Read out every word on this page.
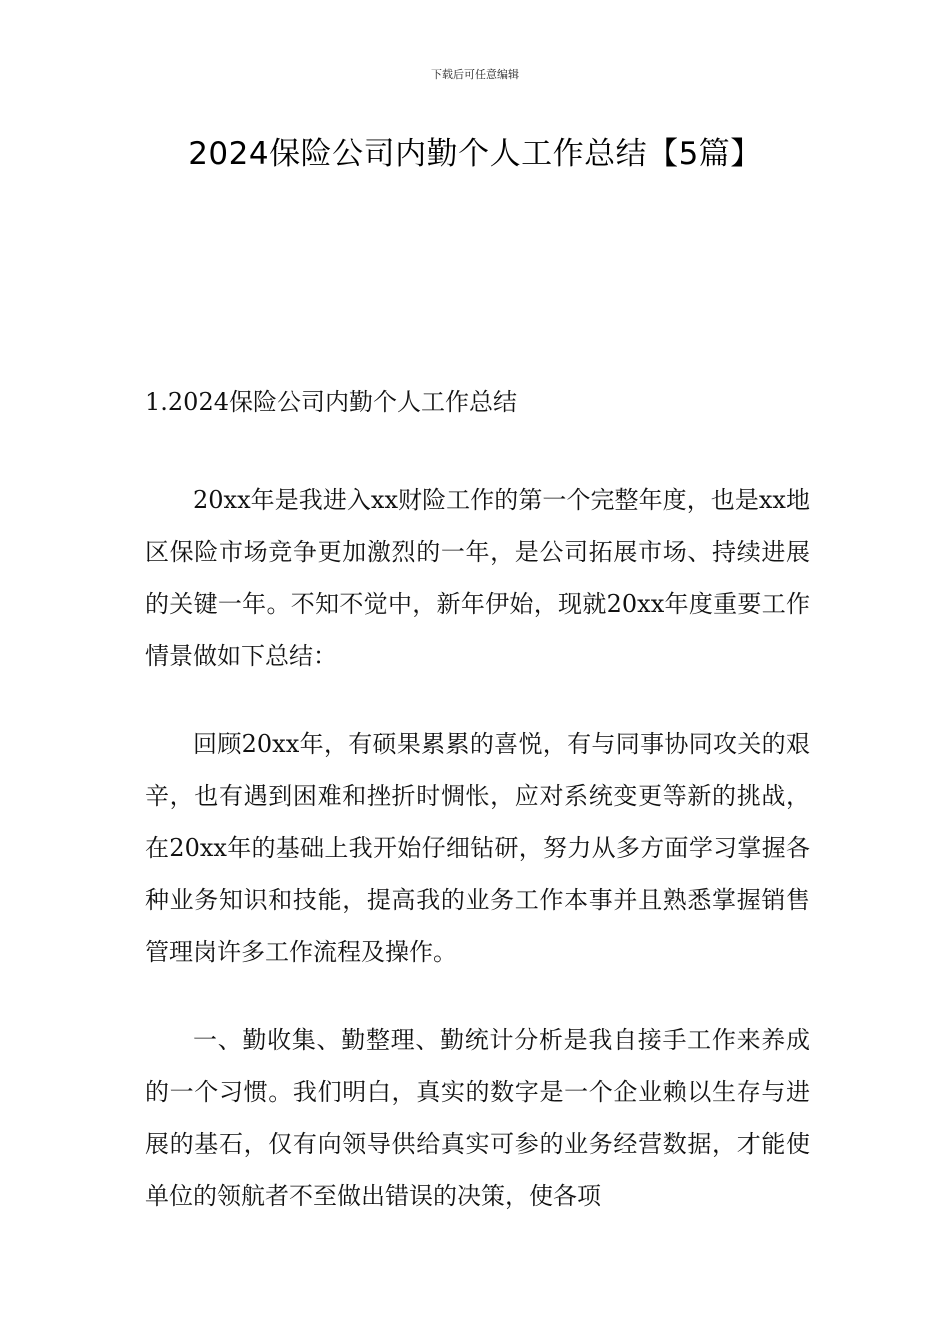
下载后可任意编辑
2024保险公司内勤个人工作总结【5篇】
1.2024保险公司内勤个人工作总结
20xx年是我进入xx财险工作的第一个完整年度，也是xx地区保险市场竞争更加激烈的一年，是公司拓展市场、持续进展的关键一年。不知不觉中，新年伊始，现就20xx年度重要工作情景做如下总结：
回顾20xx年，有硕果累累的喜悦，有与同事协同攻关的艰辛，也有遇到困难和挫折时惆怅，应对系统变更等新的挑战，在20xx年的基础上我开始仔细钻研，努力从多方面学习掌握各种业务知识和技能，提高我的业务工作本事并且熟悉掌握销售管理岗许多工作流程及操作。
一、勤收集、勤整理、勤统计分析是我自接手工作来养成的一个习惯。我们明白，真实的数字是一个企业赖以生存与进展的基石，仅有向领导供给真实可参的业务经营数据，才能使单位的领航者不至做出错误的决策，使各项
